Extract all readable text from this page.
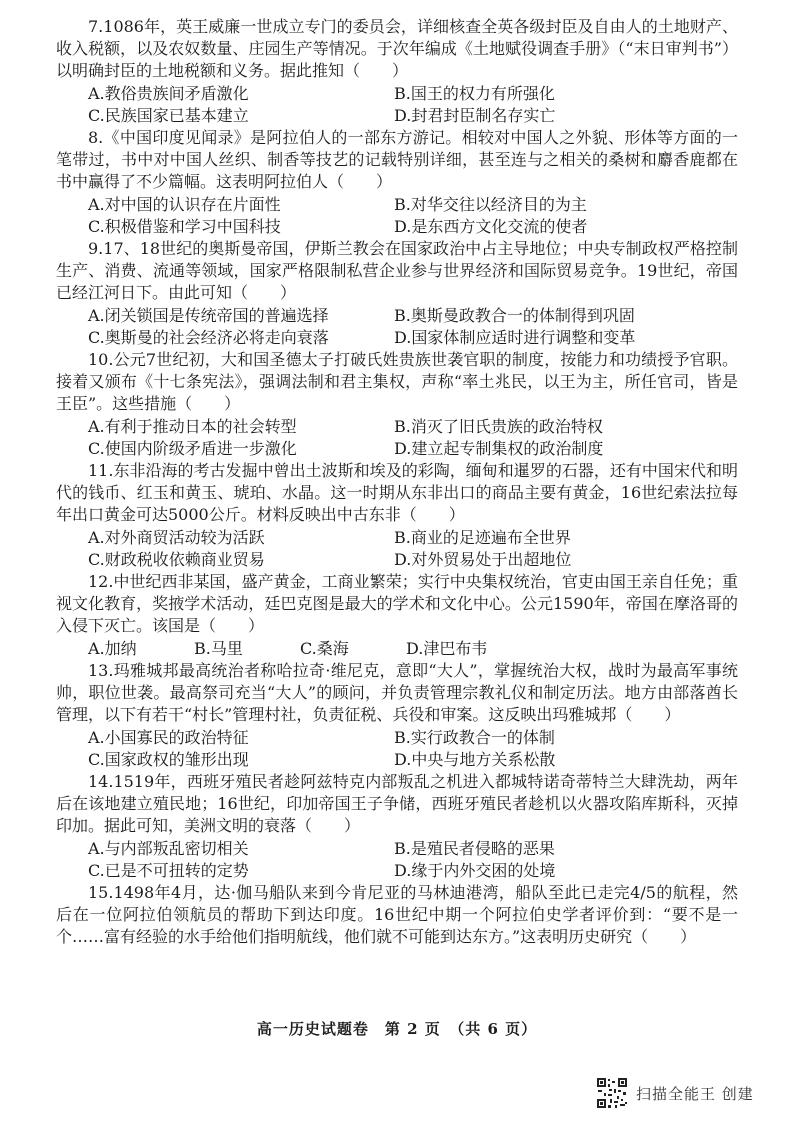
7.1086年，英王威廉一世成立专门的委员会，详细核查全英各级封臣及自由人的土地财产、收入税额，以及农奴数量、庄园生产等情况。于次年编成《土地赋役调查手册》（“末日审判书”）以明确封臣的土地税额和义务。据此推知（　　）

A.教俗贵族间矛盾激化	B.国王的权力有所强化
C.民族国家已基本建立	D.封君封臣制名存实亡

8.《中国印度见闻录》是阿拉伯人的一部东方游记。相较对中国人之外貌、形体等方面的一笔带过，书中对中国人丝织、制香等技艺的记载特别详细，甚至连与之相关的桑树和麝香鹿都在书中赢得了不少篇幅。这表明阿拉伯人（　　）

A.对中国的认识存在片面性	B.对华交往以经济目的为主
C.积极借鉴和学习中国科技	D.是东西方文化交流的使者

9.17、18世纪的奥斯曼帝国，伊斯兰教会在国家政治中占主导地位；中央专制政权严格控制生产、消费、流通等领域，国家严格限制私营企业参与世界经济和国际贸易竞争。19世纪，帝国已经江河日下。由此可知（　　）

A.闭关锁国是传统帝国的普遍选择	B.奥斯曼政教合一的体制得到巩固
C.奥斯曼的社会经济必将走向衰落	D.国家体制应适时进行调整和变革

10.公元7世纪初，大和国圣德太子打破氏姓贵族世袭官职的制度，按能力和功绩授予官职。接着又颁布《十七条宪法》，强调法制和君主集权，声称“率土兆民，以王为主，所任官司，皆是王臣”。这些措施（　　）

A.有利于推动日本的社会转型	B.消灭了旧氏贵族的政治特权
C.使国内阶级矛盾进一步激化	D.建立起专制集权的政治制度

11.东非沿海的考古发掘中曾出土波斯和埃及的彩陶，缅甸和暹罗的石器，还有中国宋代和明代的钱币、红玉和黄玉、琥珀、水晶。这一时期从东非出口的商品主要有黄金，16世纪索法拉每年出口黄金可达5000公斤。材料反映出中古东非（　　）

A.对外商贸活动较为活跃	B.商业的足迹遍布全世界
C.财政税收依赖商业贸易	D.对外贸易处于出超地位

12.中世纪西非某国，盛产黄金，工商业繁荣；实行中央集权统治，官吏由国王亲自任免；重视文化教育，奖掖学术活动，廷巴克图是最大的学术和文化中心。公元1590年，帝国在摩洛哥的入侵下灭亡。该国是（　　）

A.加纳	B.马里	C.桑海	D.津巴布韦

13.玛雅城邦最高统治者称哈拉奇·维尼克，意即“大人”，掌握统治大权，战时为最高军事统帅，职位世袭。最高祭司充当“大人”的顾问，并负责管理宗教礼仪和制定历法。地方由部落酋长管理，以下有若干“村长”管理村社，负责征税、兵役和审案。这反映出玛雅城邦（　　）

A.小国寡民的政治特征	B.实行政教合一的体制
C.国家政权的雏形出现	D.中央与地方关系松散

14.1519年，西班牙殖民者趁阿兹特克内部叛乱之机进入都城特诺奇蒂特兰大肆洗劫，两年后在该地建立殖民地；16世纪，印加帝国王子争储，西班牙殖民者趁机以火器攻陷库斯科，灭掉印加。据此可知，美洲文明的衰落（　　）

A.与内部叛乱密切相关	B.是殖民者侵略的恶果
C.已是不可扭转的定势	D.缘于内外交困的处境

15.1498年4月，达·伽马船队来到今肯尼亚的马林迪港湾，船队至此已走完4/5的航程，然后在一位阿拉伯领航员的帮助下到达印度。16世纪中期一个阿拉伯史学者评价到：“要不是一个……富有经验的水手给他们指明航线，他们就不可能到达东方。”这表明历史研究（　　）

高一历史试题卷　第 2 页　（共 6 页）
扫描全能王 创建
